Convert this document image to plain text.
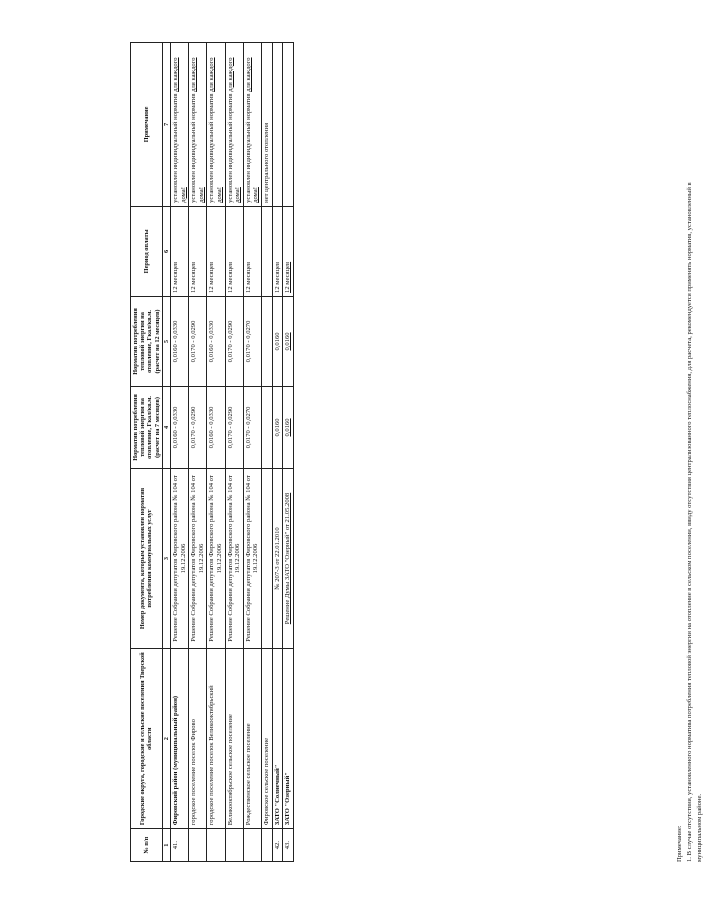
№ п/п	Городские округа, городские и сельские поселения Тверской области	Номер документа, которым установлен норматив потребления коммунальных услуг	Норматив потребления тепловой энергии на отопление, Гкал/кв.м. (расчет на 7 месяцев)	Норматив потребления тепловой энергии на отопление, Гкал/кв.м. (расчет на 12 месяцев)	Период оплаты	Примечание
1	2	3	4	5	6	7
41.	Фировский район (муниципальный район)	Решение Собрания депутатов Фировского района № 104 от 19.12.2006	0,0160 - 0,0330	0,0160 - 0,0330	12 месяцев	установлен индивидуальный норматив для каждого дома!
	городское поселение поселок Фирово	Решение Собрания депутатов Фировского района № 104 от 19.12.2006	0,0170 - 0,0290	0,0170 - 0,0290	12 месяцев	установлен индивидуальный норматив для каждого дома!
	городское поселение поселок Великооктябрьский	Решение Собрания депутатов Фировского района № 104 от 19.12.2006	0,0160 - 0,0330	0,0160 - 0,0330	12 месяцев	установлен индивидуальный норматив для каждого дома!
	Великооктябрьское сельское поселение	Решение Собрания депутатов Фировского района № 104 от 19.12.2006	0,0170 - 0,0290	0,0170 - 0,0290	12 месяцев	установлен индивидуальный норматив для каждого дома!
	Рождественское сельское поселение	Решение Собрания депутатов Фировского района № 104 от 19.12.2006	0,0170 - 0,0270	0,0170 - 0,0270	12 месяцев	установлен индивидуальный норматив для каждого дома!
	Фировское сельское поселение					нет центрального отопления
42.	ЗАТО "Солнечный"	№ 207-3 от 22.01.2010	0,0160	0,0160	12 месяцев	
43.	ЗАТО "Озерный"	Решение Думы ЗАТО "Озерный" от 21.05.2008	0,0160	0,0160	12 месяцев	
Примечание: 1. В случае отсутствия, установленного норматива потребления тепловой энергии на отопление в сельском поселении, ввиду отсутствия централизованного теплоснабжения, для расчета, рекомендуется применять норматив, установленный в муниципальном районе.
